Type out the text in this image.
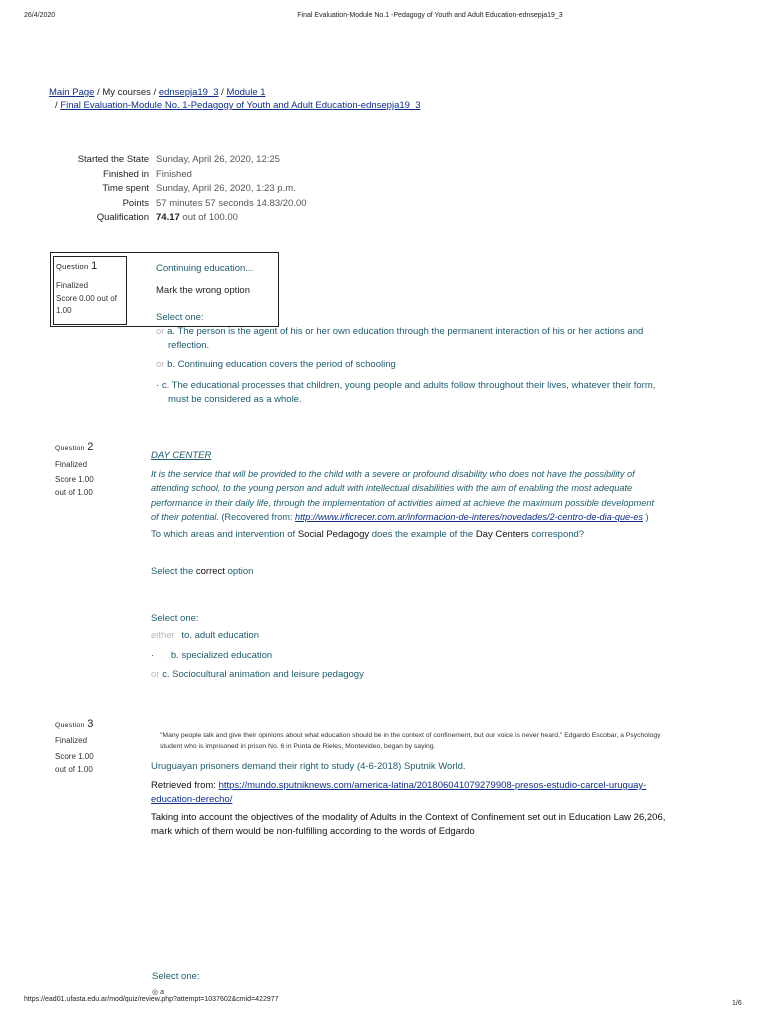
26/4/2020	Final Evaluation-Module No.1 -Pedagogy of Youth and Adult Education-ednsepja19_3
Main Page / My courses / ednsepja19_3 / Module 1
/ Final Evaluation-Module No. 1-Pedagogy of Youth and Adult Education-ednsepja19_3
Started the State Sunday, April 26, 2020, 12:25
Finished in Finished
Time spent Sunday, April 26, 2020, 1:23 p.m.
Points 57 minutes 57 seconds 14.83/20.00
Qualification 74.17 out of 100.00
Question 1
Finalized
Score 0.00 out of 1.00
Continuing education...
Mark the wrong option
Select one:
or a. The person is the agent of his or her own education through the permanent interaction of his or her actions and
reflection.
or b. Continuing education covers the period of schooling
· c. The educational processes that children, young people and adults follow throughout their lives, whatever their form,
must be considered as a whole.
Question 2
Finalized
Score 1.00
out of 1.00
DAY CENTER
It is the service that will be provided to the child with a severe or profound disability who does not have the possibility of
attending school, to the young person and adult with intellectual disabilities with the aim of enabling the most adequate
performance in their daily life, through the implementation of activities aimed at achieve the maximum possible development
of their potential. (Recovered from: http://www.irficrecer.com.ar/informacion-de-interes/novedades/2-centro-de-dia-que-es )
To which areas and intervention of Social Pedagogy does the example of the Day Centers correspond?
Select the correct option
Select one:
either to. adult education
· b. specialized education
or c. Sociocultural animation and leisure pedagogy
Question 3
Finalized
Score 1.00
out of 1.00
"Many people talk and give their opinions about what education should be in the context of confinement, but our voice is never heard," Edgardo Escobar, a Psychology
student who is imprisoned in prison No. 6 in Punta de Rieles, Montevideo, began by saying.
Uruguayan prisoners demand their right to study (4-6-2018) Sputnik World.
Retrieved from: https://mundo.sputniknews.com/america-latina/201806041079279908-presos-estudio-carcel-uruguay-
education-derecho/
Taking into account the objectives of the modality of Adults in the Context of Confinement set out in Education Law 26,206,
mark which of them would be non-fulfilling according to the words of Edgardo
Select one:
◎ a
https://ead01.ufasta.edu.ar/mod/quiz/review.php?attempt=1037602&cmid=422977
1/6
